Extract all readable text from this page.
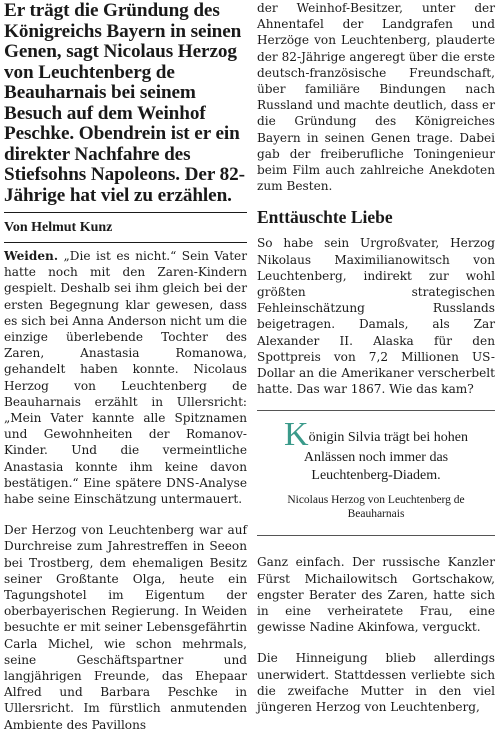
Er trägt die Gründung des Königreichs Bayern in seinen Genen, sagt Nicolaus Herzog von Leuchtenberg de Beauharnais bei seinem Besuch auf dem Weinhof Peschke. Obendrein ist er ein direkter Nachfahre des Stiefsohns Napoleons. Der 82-Jährige hat viel zu erzählen.

Von Helmut Kunz

Weiden. „Die ist es nicht.“ Sein Vater hatte noch mit den Zaren-Kindern gespielt. Deshalb sei ihm gleich bei der ersten Begegnung klar gewesen, dass es sich bei Anna Anderson nicht um die einzige überlebende Tochter des Zaren, Anastasia Romanowa, gehandelt haben konnte. Nicolaus Herzog von Leuchtenberg de Beauharnais erzählt in Ullersricht: „Mein Vater kannte alle Spitznamen und Gewohnheiten der Romanov-Kinder. Und die vermeintliche Anastasia konnte ihm keine davon bestätigen.“ Eine spätere DNS-Analyse habe seine Einschätzung untermauert.

Der Herzog von Leuchtenberg war auf Durchreise zum Jahrestreffen in Seeon bei Trostberg, dem ehemaligen Besitz seiner Großtante Olga, heute ein Tagungshotel im Eigentum der oberbayerischen Regierung. In Weiden besuchte er mit seiner Lebensgefährtin Carla Michel, wie schon mehrmals, seine Geschäftspartner und langjährigen Freunde, das Ehepaar Alfred und Barbara Peschke in Ullersricht. Im fürstlich anmutenden Ambiente des Pavillons

der Weinhof-Besitzer, unter der Ahnentafel der Landgrafen und Herzöge von Leuchtenberg, plauderte der 82-Jährige angeregt über die erste deutsch-französische Freundschaft, über familiäre Bindungen nach Russland und machte deutlich, dass er die Gründung des Königreiches Bayern in seinen Genen trage. Dabei gab der freiberufliche Toningenieur beim Film auch zahlreiche Anekdoten zum Besten.

Enttäuschte Liebe

So habe sein Urgroßvater, Herzog Nikolaus Maximilianowitsch von Leuchtenberg, indirekt zur wohl größten strategischen Fehleinschätzung Russlands beigetragen. Damals, als Zar Alexander II. Alaska für den Spottpreis von 7,2 Millionen US-Dollar an die Amerikaner verscherbelt hatte. Das war 1867. Wie das kam?

Königin Silvia trägt bei hohen Anlässen noch immer das Leuchtenberg-Diadem.

Nicolaus Herzog von Leuchtenberg de Beauharnais

Ganz einfach. Der russische Kanzler Fürst Michailowitsch Gortschakow, engster Berater des Zaren, hatte sich in eine verheiratete Frau, eine gewisse Nadine Akinfowa, verguckt.

Die Hinneigung blieb allerdings unerwidert. Stattdessen verliebte sich die zweifache Mutter in den viel jüngeren Herzog von Leuchtenberg,
